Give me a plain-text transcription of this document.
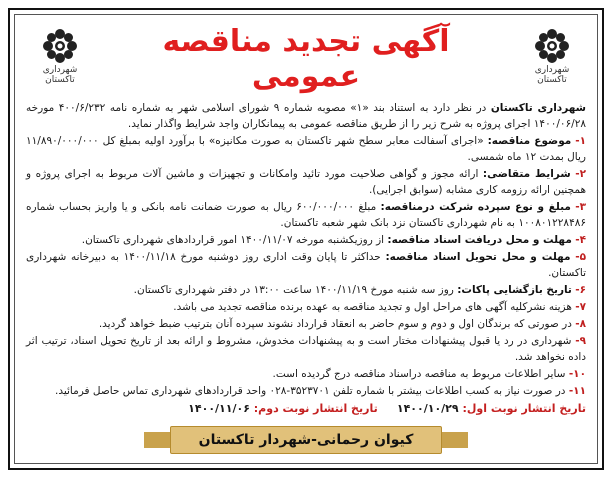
شهرداری تاکستان
شهرداری تاکستان
آگهی تجدید مناقصه عمومی

شهرداری تاکستان در نظر دارد به استناد بند «۱» مصوبه شماره ۹ شورای اسلامی شهر به شماره نامه ۴۰۰/۶/۲۳۲ مورخه ۱۴۰۰/۰۶/۲۸ اجرای پروژه به شرح زیر را از طریق مناقصه عمومی به پیمانکاران واجد شرایط واگذار نماید.

۱- موضوع مناقصه: «اجرای آسفالت معابر سطح شهر تاکستان به صورت مکانیزه» با برآورد اولیه بمبلغ کل ۱۱/۸۹۰/۰۰۰/۰۰۰ ریال بمدت ۱۲ ماه شمسی.

۲- شرایط متقاضی: ارائه مجوز و گواهی صلاحیت مورد تائید وامکانات و تجهیزات و ماشین آلات مربوط به اجرای پروژه و همچنین ارائه رزومه کاری مشابه (سوابق اجرایی).

۳- مبلغ و نوع سپرده شرکت درمناقصه: مبلغ ۶۰۰/۰۰۰/۰۰۰ ریال به صورت ضمانت نامه بانکی و یا واریز بحساب شماره ۱۰۰۸۰۱۲۲۸۴۸۶ به نام شهرداری تاکستان نزد بانک شهر شعبه تاکستان.

۴- مهلت و محل دریافت اسناد مناقصه: از روزیکشنبه مورخه ۱۴۰۰/۱۱/۰۷ امور قراردادهای شهرداری تاکستان.

۵- مهلت و محل تحویل اسناد مناقصه: حداکثر تا پایان وقت اداری روز دوشنبه مورخ ۱۴۰۰/۱۱/۱۸ به دبیرخانه شهرداری تاکستان.

۶- تاریخ بازگشایی پاکات: روز سه شنبه مورخ ۱۴۰۰/۱۱/۱۹ ساعت ۱۳:۰۰ در دفتر شهرداری تاکستان.

۷- هزینه نشرکلیه آگهی های مراحل اول و تجدید مناقصه به عهده برنده مناقصه تجدید می باشد.

۸- در صورتی که برندگان اول و دوم و سوم حاضر به انعقاد قرارداد نشوند سپرده آنان بترتیب ضبط خواهد گردید.

۹- شهرداری در رد یا قبول پیشنهادات مختار است و به پیشنهادات مخدوش، مشروط و ارائه بعد از تاریخ تحویل اسناد، ترتیب اثر داده نخواهد شد.

۱۰- سایر اطلاعات مربوط به مناقصه دراسناد مناقصه درج گردیده است.

۱۱- در صورت نیاز به کسب اطلاعات بیشتر با شماره تلفن ۳۵۲۳۷۰۱-۰۲۸ واحد قراردادهای شهرداری تماس حاصل فرمائید.

تاریخ انتشار نوبت اول: ۱۴۰۰/۱۰/۲۹     تاریخ انتشار نوبت دوم: ۱۴۰۰/۱۱/۰۶
کیوان رحمانی-شهردار تاکستان
